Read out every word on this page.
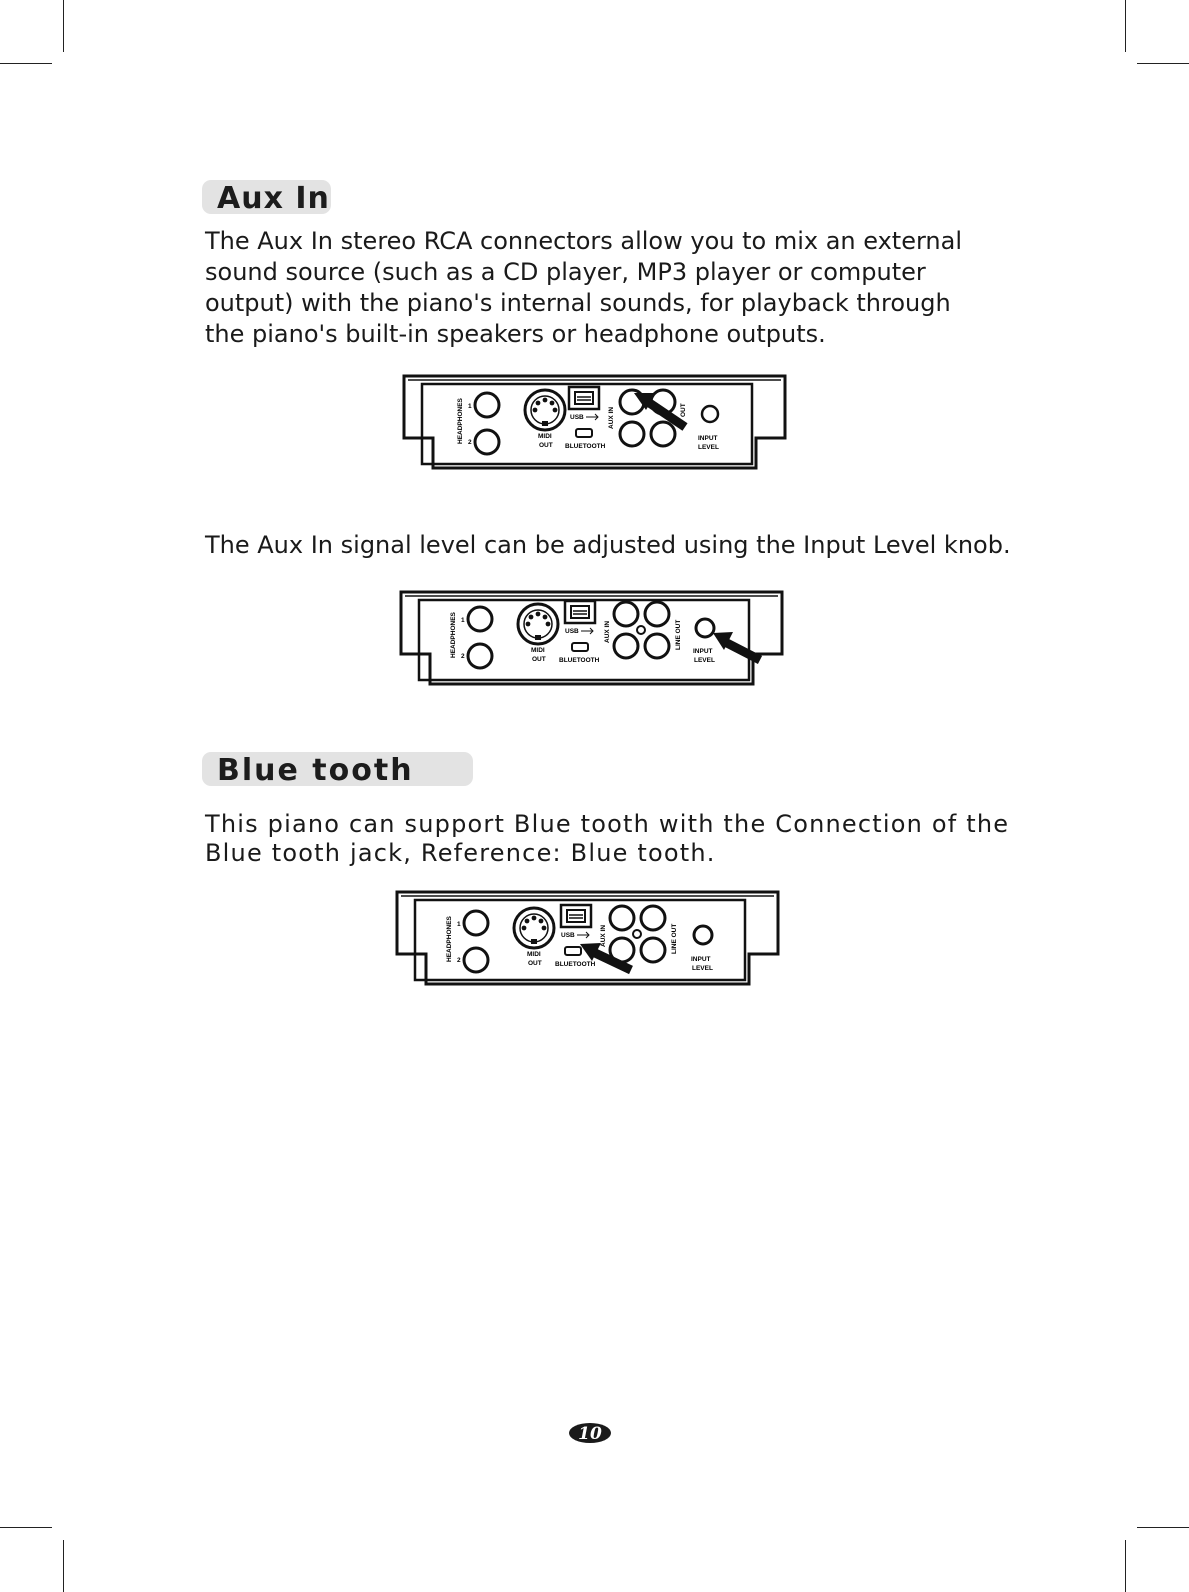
Aux In

The Aux In stereo RCA connectors allow you to mix an external
sound source (such as a CD player, MP3 player or computer
output) with the piano's internal sounds, for playback through
the piano's built-in speakers or headphone outputs.

HEADPHONES 1
2
MIDI
OUT
USB
BLUETOOTH
AUX IN	OUT
INPUT
LEVEL

The Aux In signal level can be adjusted using the Input Level knob.

HEADPHONES 1
2
MIDI
OUT
USB
BLUETOOTH
AUX IN	LINE OUT
INPUT
LEVEL
Blue tooth

This piano can support Blue tooth with the Connection of the
Blue tooth jack, Reference: Blue tooth.

HEADPHONES 1
2
MIDI
OUT
USB
BLUETOOTH
AUX IN	LINE OUT
INPUT
LEVEL
10
